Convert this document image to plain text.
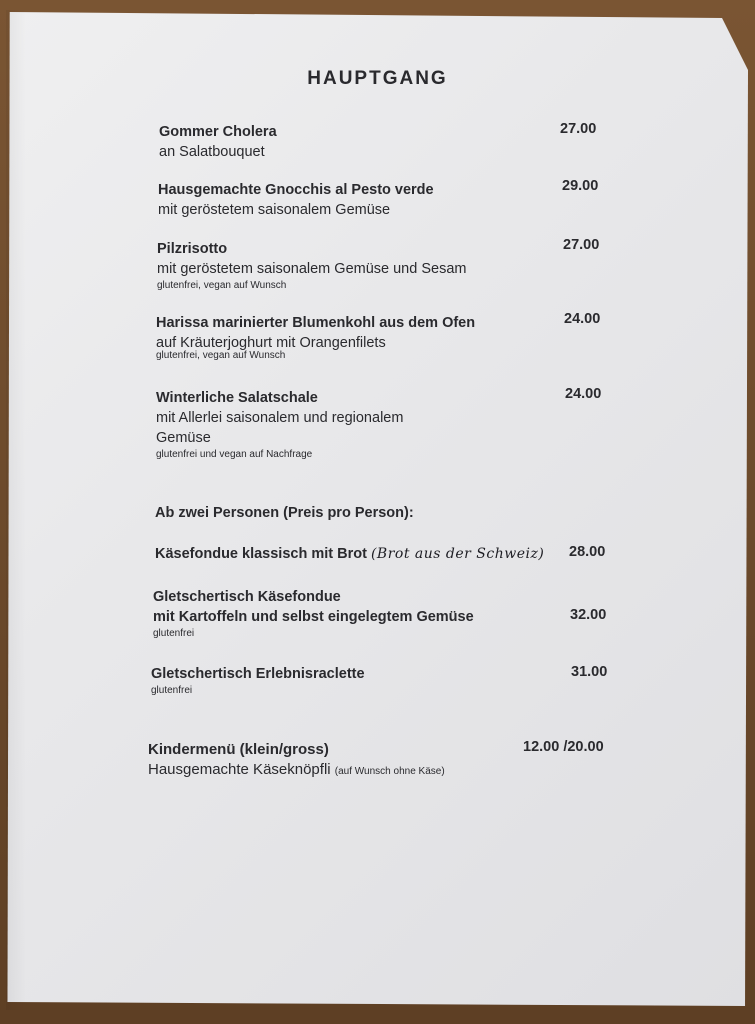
HAUPTGANG
Gommer Cholera
an Salatbouquet
27.00
Hausgemachte Gnocchis al Pesto verde
mit geröstetem saisonalem Gemüse
29.00
Pilzrisotto
mit geröstetem saisonalem Gemüse und Sesam
glutenfrei, vegan auf Wunsch
27.00
Harissa marinierter Blumenkohl aus dem Ofen
auf Kräuterjoghurt mit Orangenfilets
glutenfrei, vegan auf Wunsch
24.00
Winterliche Salatschale
mit Allerlei saisonalem und regionalem
Gemüse
glutenfrei und vegan auf Nachfrage
24.00
Ab zwei Personen (Preis pro Person):
Käsefondue klassisch mit Brot (Brot aus der Schweiz) 28.00
Gletschertisch Käsefondue
mit Kartoffeln und selbst eingelegtem Gemüse
glutenfrei
32.00
Gletschertisch Erlebnisraclette
glutenfrei
31.00
Kindermenü (klein/gross)
Hausgemachte Käseknöpfli (auf Wunsch ohne Käse)
12.00 /20.00
